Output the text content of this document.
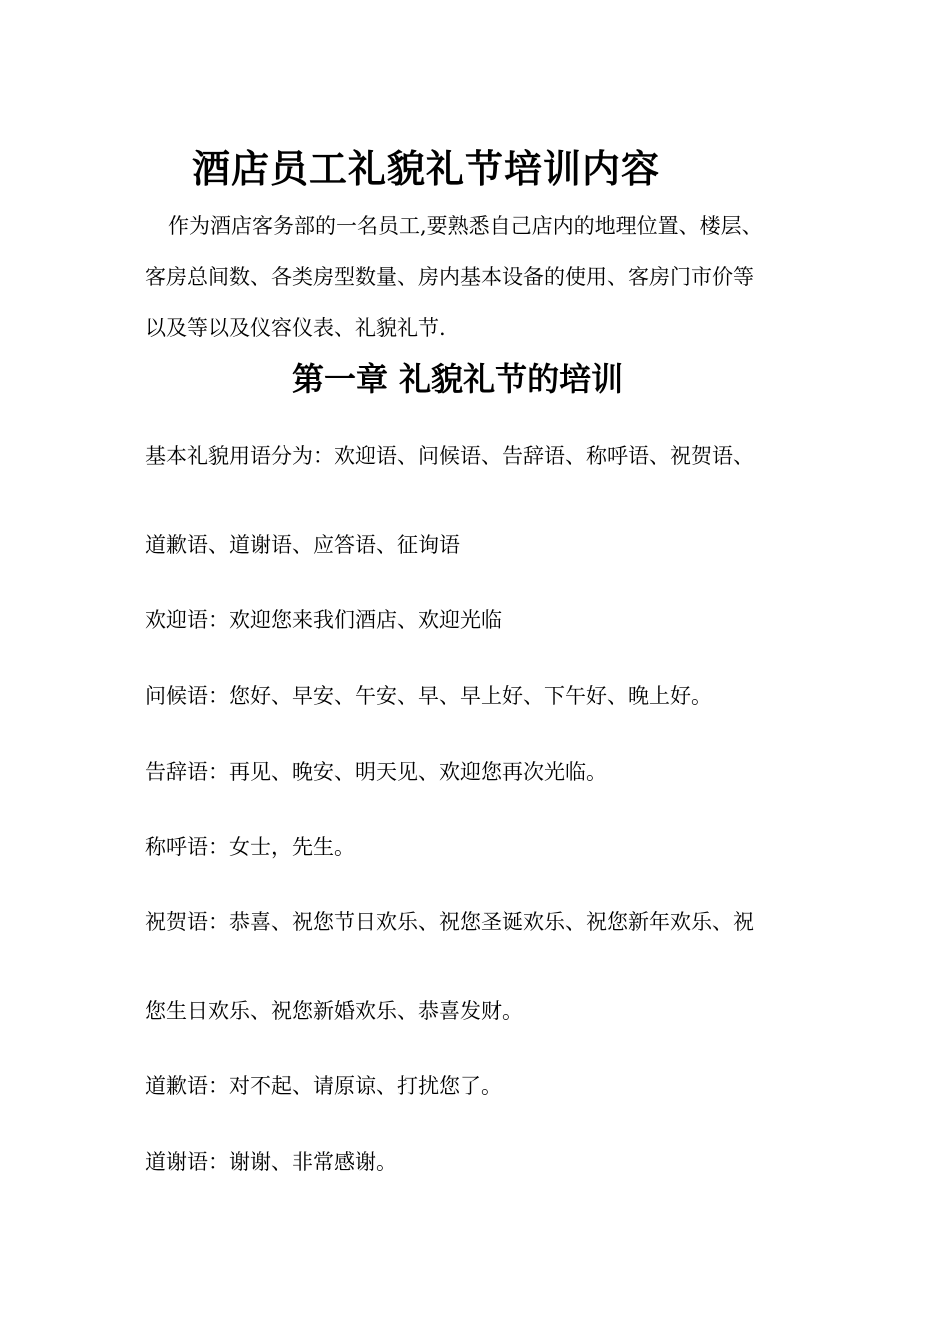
酒店员工礼貌礼节培训内容
作为酒店客务部的一名员工,要熟悉自己店内的地理位置、楼层、
客房总间数、各类房型数量、房内基本设备的使用、客房门市价等
以及等以及仪容仪表、礼貌礼节.
第一章 礼貌礼节的培训
基本礼貌用语分为：欢迎语、问候语、告辞语、称呼语、祝贺语、
道歉语、道谢语、应答语、征询语
欢迎语：欢迎您来我们酒店、欢迎光临
问候语：您好、早安、午安、早、早上好、下午好、晚上好。
告辞语：再见、晚安、明天见、欢迎您再次光临。
称呼语：女士，先生。
祝贺语：恭喜、祝您节日欢乐、祝您圣诞欢乐、祝您新年欢乐、祝
您生日欢乐、祝您新婚欢乐、恭喜发财。
道歉语：对不起、请原谅、打扰您了。
道谢语：谢谢、非常感谢。
